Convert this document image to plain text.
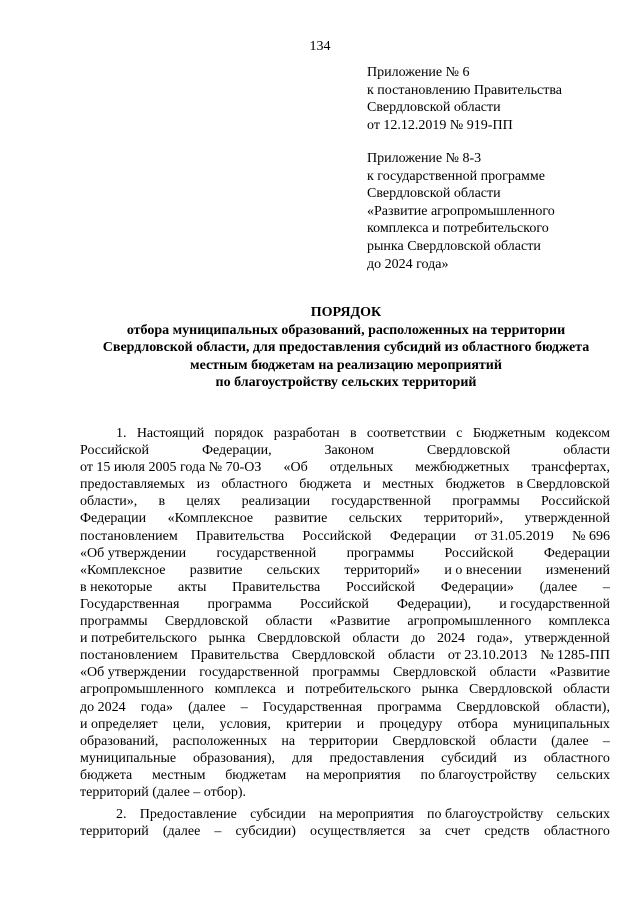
134
Приложение № 6
к постановлению Правительства
Свердловской области
от 12.12.2019 № 919-ПП
Приложение № 8-3
к государственной программе
Свердловской области
«Развитие агропромышленного
комплекса и потребительского
рынка Свердловской области
до 2024 года»
ПОРЯДОК
отбора муниципальных образований, расположенных на территории
Свердловской области, для предоставления субсидий из областного бюджета
местным бюджетам на реализацию мероприятий
по благоустройству сельских территорий
1. Настоящий порядок разработан в соответствии с Бюджетным кодексом
Российской	Федерации,	Законом	Свердловской	области
от 15 июля 2005 года № 70-ОЗ «Об отдельных межбюджетных трансфертах,
предоставляемых из областного бюджета и местных бюджетов в Свердловской
области», в целях реализации государственной программы Российской
Федерации «Комплексное развитие сельских территорий», утвержденной
постановлением Правительства Российской Федерации от 31.05.2019 № 696
«Об утверждении государственной программы Российской Федерации
«Комплексное развитие сельских территорий» и о внесении изменений
в некоторые акты Правительства Российской Федерации» (далее –
Государственная программа Российской Федерации), и государственной
программы Свердловской области «Развитие агропромышленного комплекса
и потребительского рынка Свердловской области до 2024 года», утвержденной
постановлением Правительства Свердловской области от 23.10.2013 № 1285-ПП
«Об утверждении государственной программы Свердловской области «Развитие
агропромышленного комплекса и потребительского рынка Свердловской области
до 2024 года» (далее – Государственная программа Свердловской области),
и определяет цели, условия, критерии и процедуру отбора муниципальных
образований, расположенных на территории Свердловской области (далее –
муниципальные образования), для предоставления субсидий из областного
бюджета местным бюджетам на мероприятия по благоустройству сельских
территорий (далее – отбор).
2. Предоставление субсидии на мероприятия по благоустройству сельских
территорий (далее – субсидии) осуществляется за счет средств областного
